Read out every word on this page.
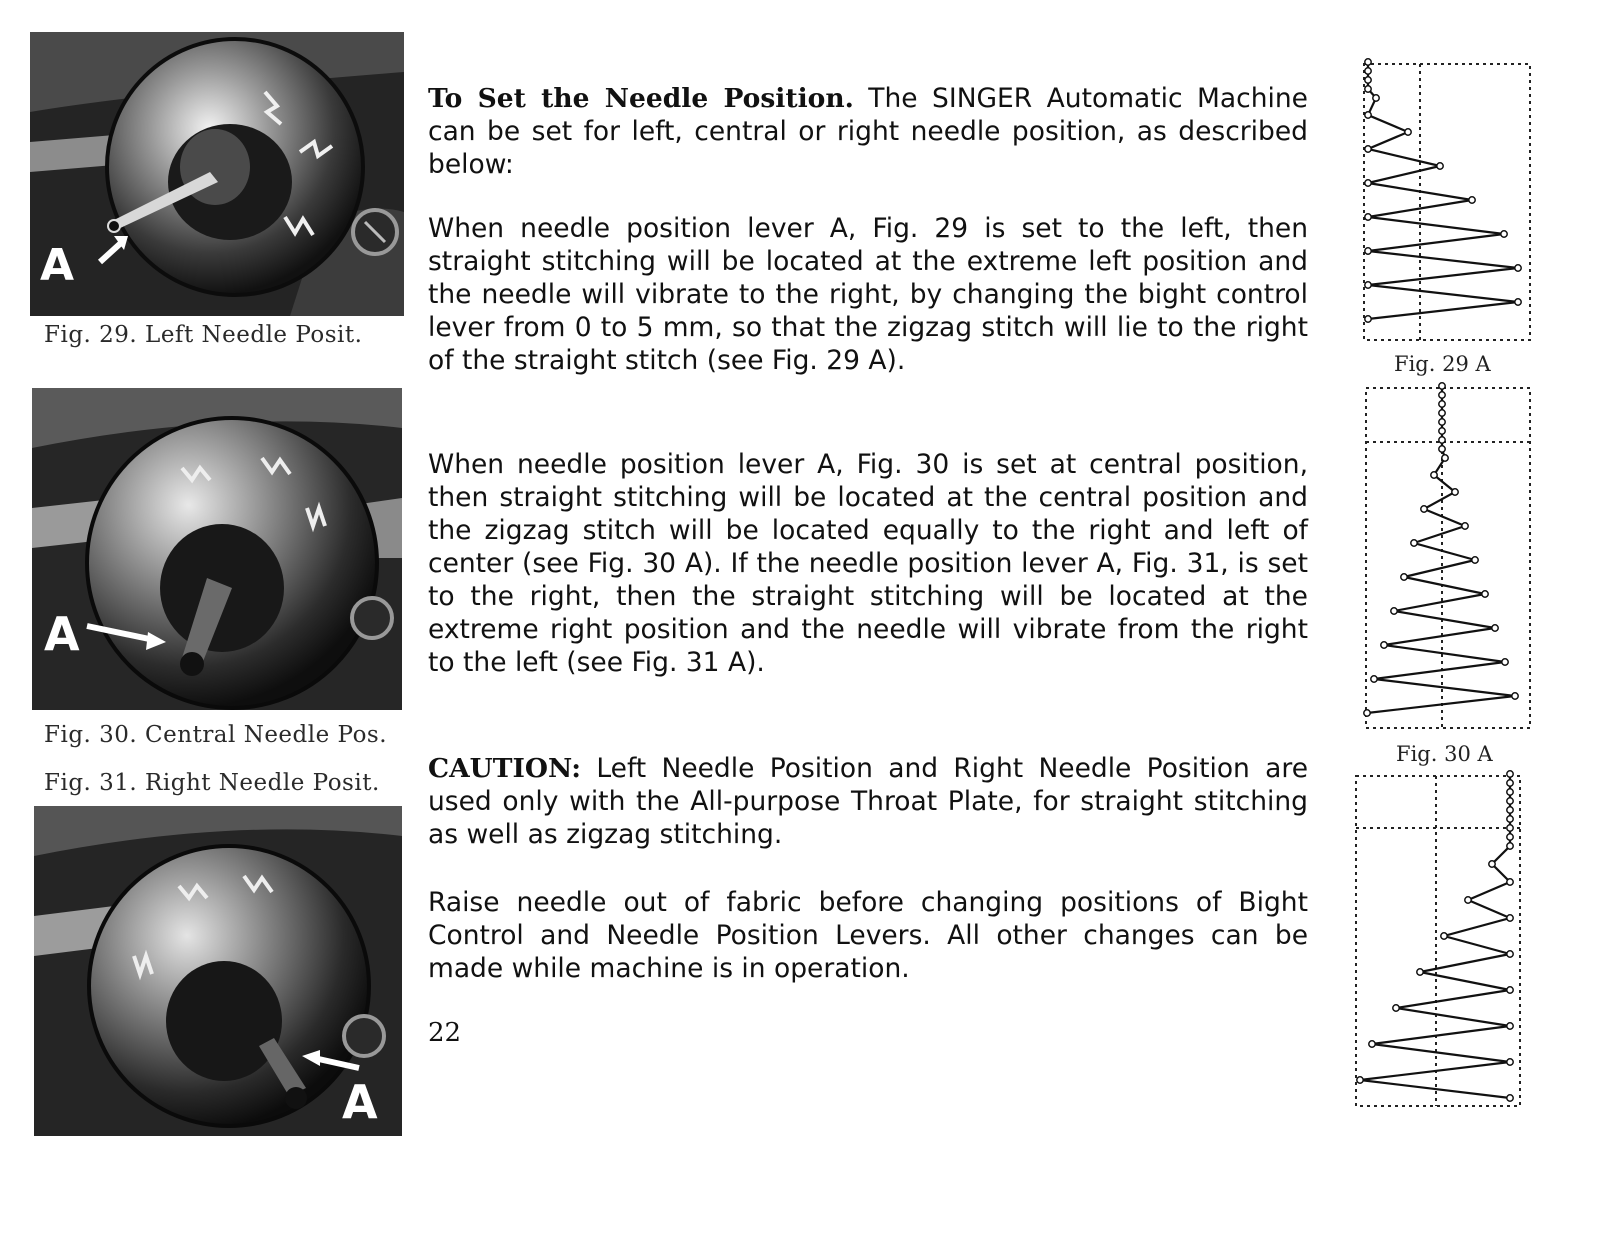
A
Fig. 29. Left Needle Posit.
A
Fig. 30. Central Needle Pos.
Fig. 31. Right Needle Posit.
A

To Set the Needle Position. The SINGER Automatic Machine can be set for left, central or right needle position, as described below:

When needle position lever A, Fig. 29 is set to the left, then straight stitching will be located at the extreme left position and the needle will vibrate to the right, by changing the bight control lever from 0 to 5 mm, so that the zigzag stitch will lie to the right of the straight stitch (see Fig. 29 A).

When needle position lever A, Fig. 30 is set at central position, then straight stitching will be located at the central position and the zigzag stitch will be located equally to the right and left of center (see Fig. 30 A). If the needle position lever A, Fig. 31, is set to the right, then the straight stitching will be located at the extreme right position and the needle will vibrate from the right to the left (see Fig. 31 A).

CAUTION: Left Needle Position and Right Needle Position are used only with the All-purpose Throat Plate, for straight stitching as well as zigzag stitching.

Raise needle out of fabric before changing positions of Bight Control and Needle Position Levers. All other changes can be made while machine is in operation.

22
Fig. 29 A
Fig. 30 A
